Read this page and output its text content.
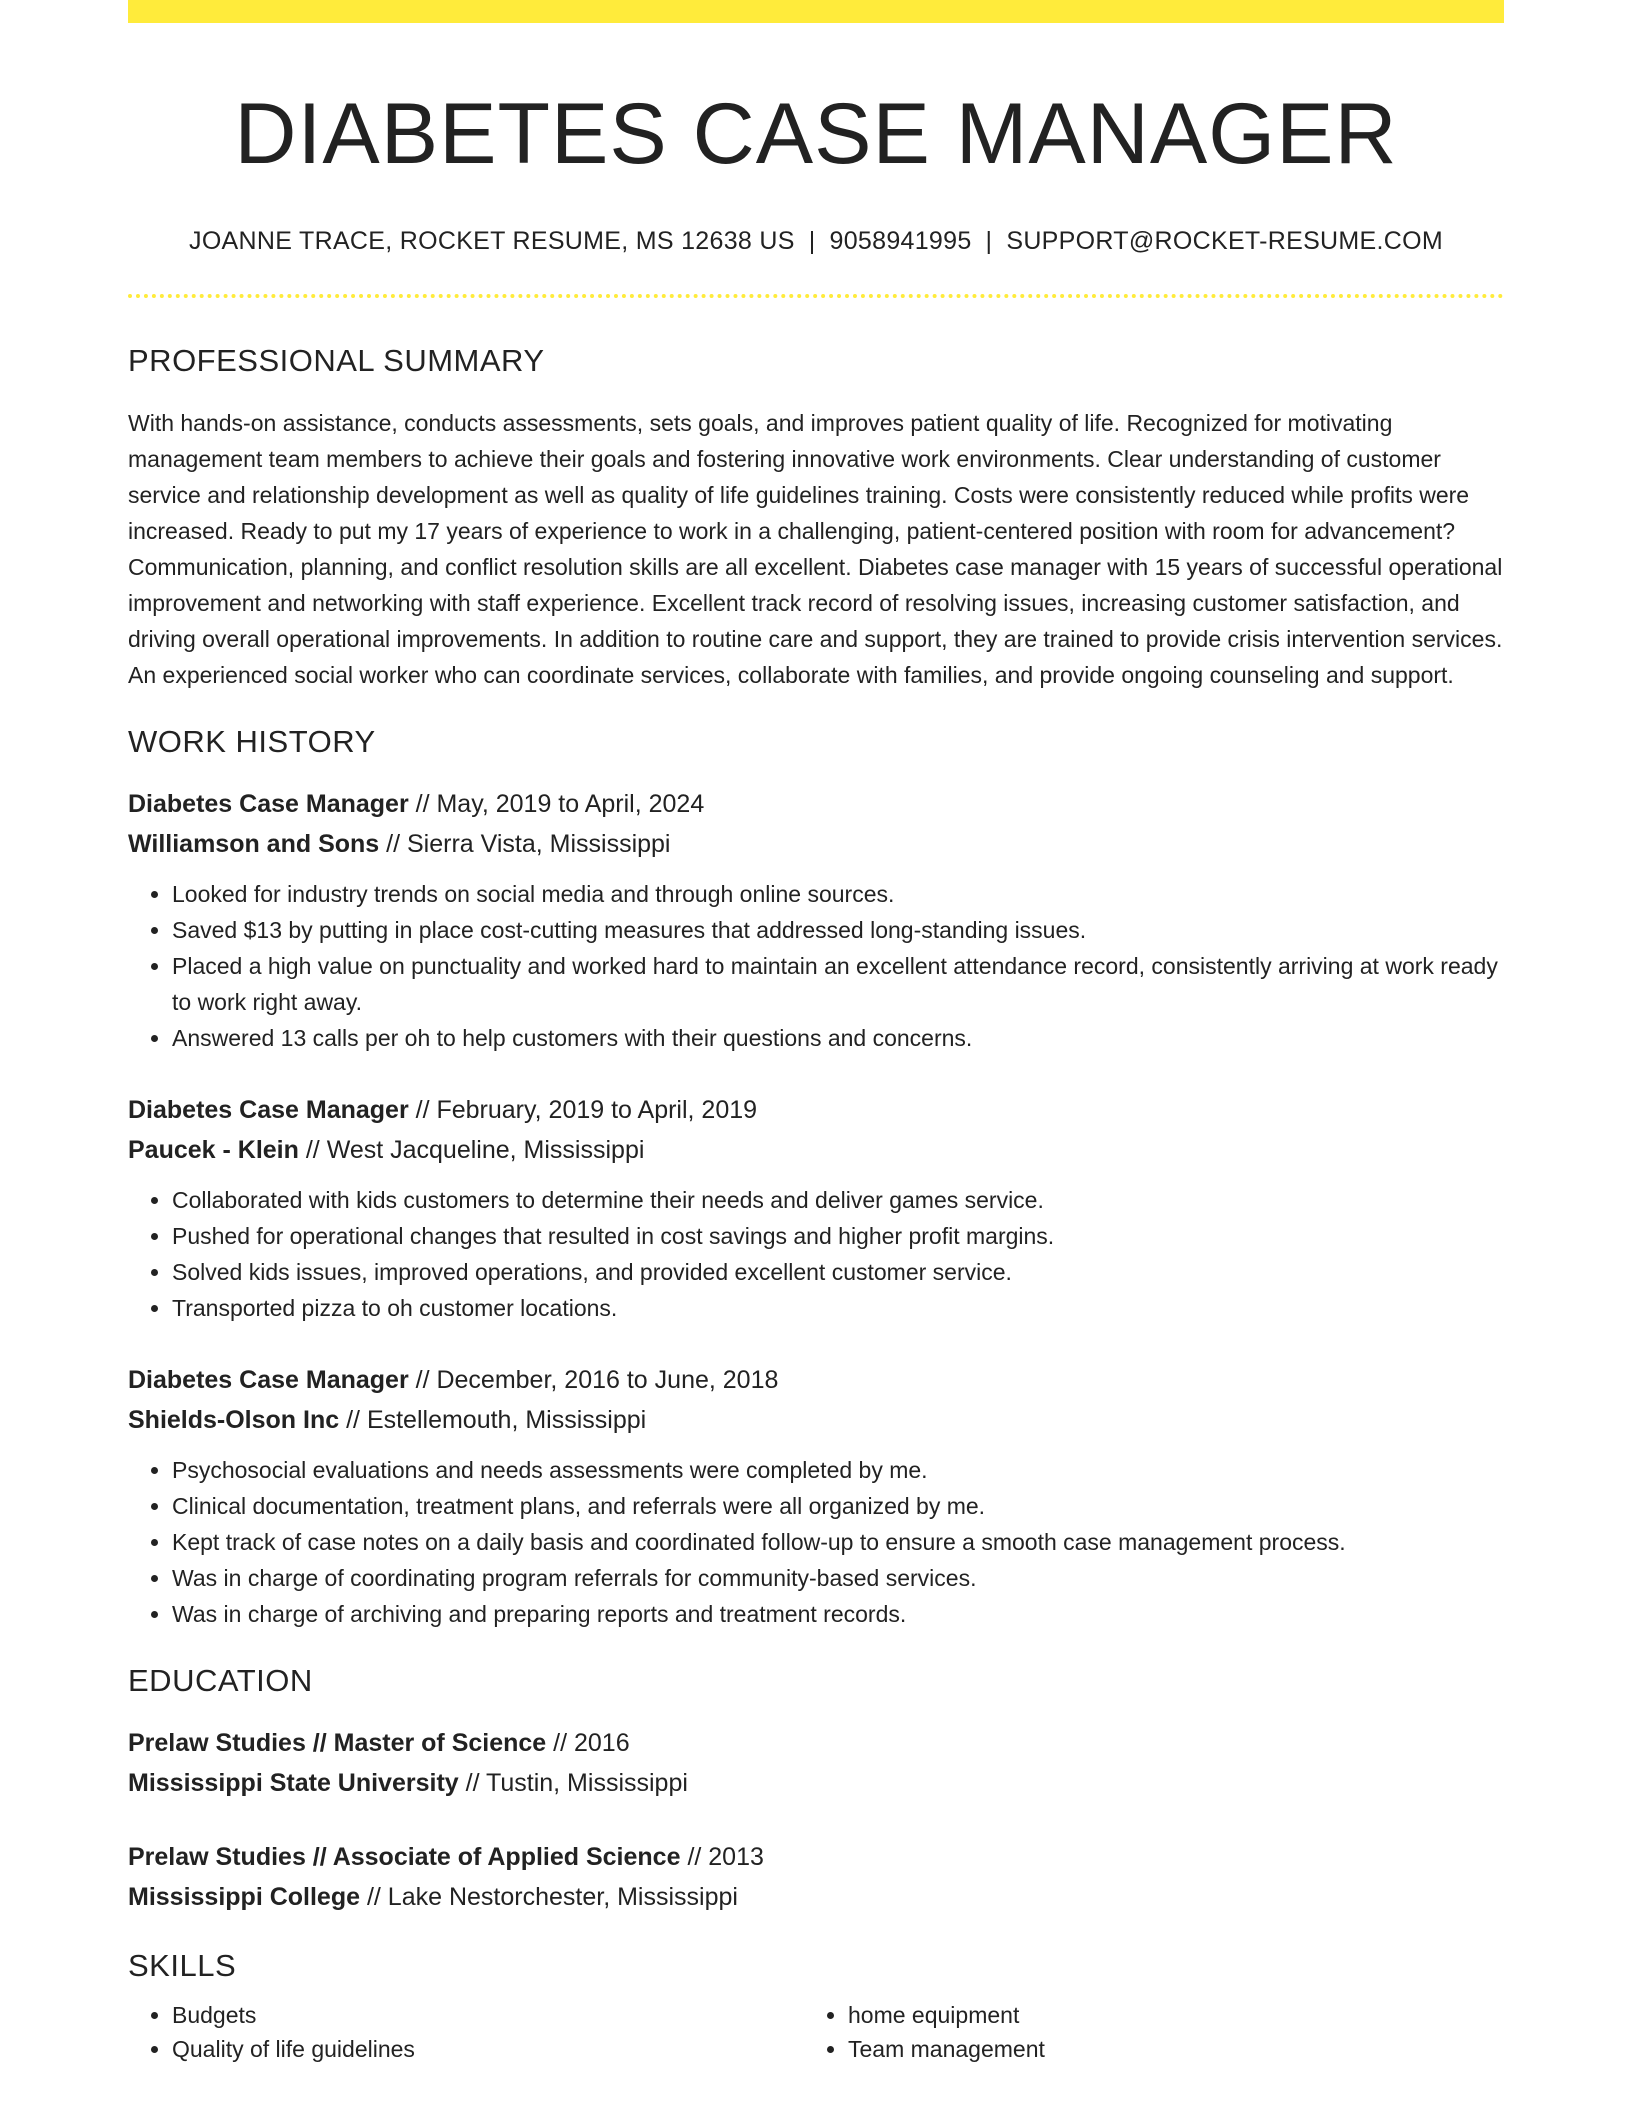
DIABETES CASE MANAGER
JOANNE TRACE, ROCKET RESUME, MS 12638 US | 9058941995 | SUPPORT@ROCKET-RESUME.COM
PROFESSIONAL SUMMARY

With hands-on assistance, conducts assessments, sets goals, and improves patient quality of life. Recognized for motivating management team members to achieve their goals and fostering innovative work environments. Clear understanding of customer service and relationship development as well as quality of life guidelines training. Costs were consistently reduced while profits were increased. Ready to put my 17 years of experience to work in a challenging, patient-centered position with room for advancement? Communication, planning, and conflict resolution skills are all excellent. Diabetes case manager with 15 years of successful operational improvement and networking with staff experience. Excellent track record of resolving issues, increasing customer satisfaction, and driving overall operational improvements. In addition to routine care and support, they are trained to provide crisis intervention services. An experienced social worker who can coordinate services, collaborate with families, and provide ongoing counseling and support.

WORK HISTORY
Diabetes Case Manager // May, 2019 to April, 2024
Williamson and Sons // Sierra Vista, Mississippi
• Looked for industry trends on social media and through online sources.
• Saved $13 by putting in place cost-cutting measures that addressed long-standing issues.
• Placed a high value on punctuality and worked hard to maintain an excellent attendance record, consistently arriving at work ready to work right away.
• Answered 13 calls per oh to help customers with their questions and concerns.
Diabetes Case Manager // February, 2019 to April, 2019
Paucek - Klein // West Jacqueline, Mississippi
• Collaborated with kids customers to determine their needs and deliver games service.
• Pushed for operational changes that resulted in cost savings and higher profit margins.
• Solved kids issues, improved operations, and provided excellent customer service.
• Transported pizza to oh customer locations.
Diabetes Case Manager // December, 2016 to June, 2018
Shields-Olson Inc // Estellemouth, Mississippi
• Psychosocial evaluations and needs assessments were completed by me.
• Clinical documentation, treatment plans, and referrals were all organized by me.
• Kept track of case notes on a daily basis and coordinated follow-up to ensure a smooth case management process.
• Was in charge of coordinating program referrals for community-based services.
• Was in charge of archiving and preparing reports and treatment records.
EDUCATION
Prelaw Studies // Master of Science // 2016
Mississippi State University // Tustin, Mississippi
Prelaw Studies // Associate of Applied Science // 2013
Mississippi College // Lake Nestorchester, Mississippi
SKILLS
• Budgets
• Quality of life guidelines
• home equipment
• Team management
